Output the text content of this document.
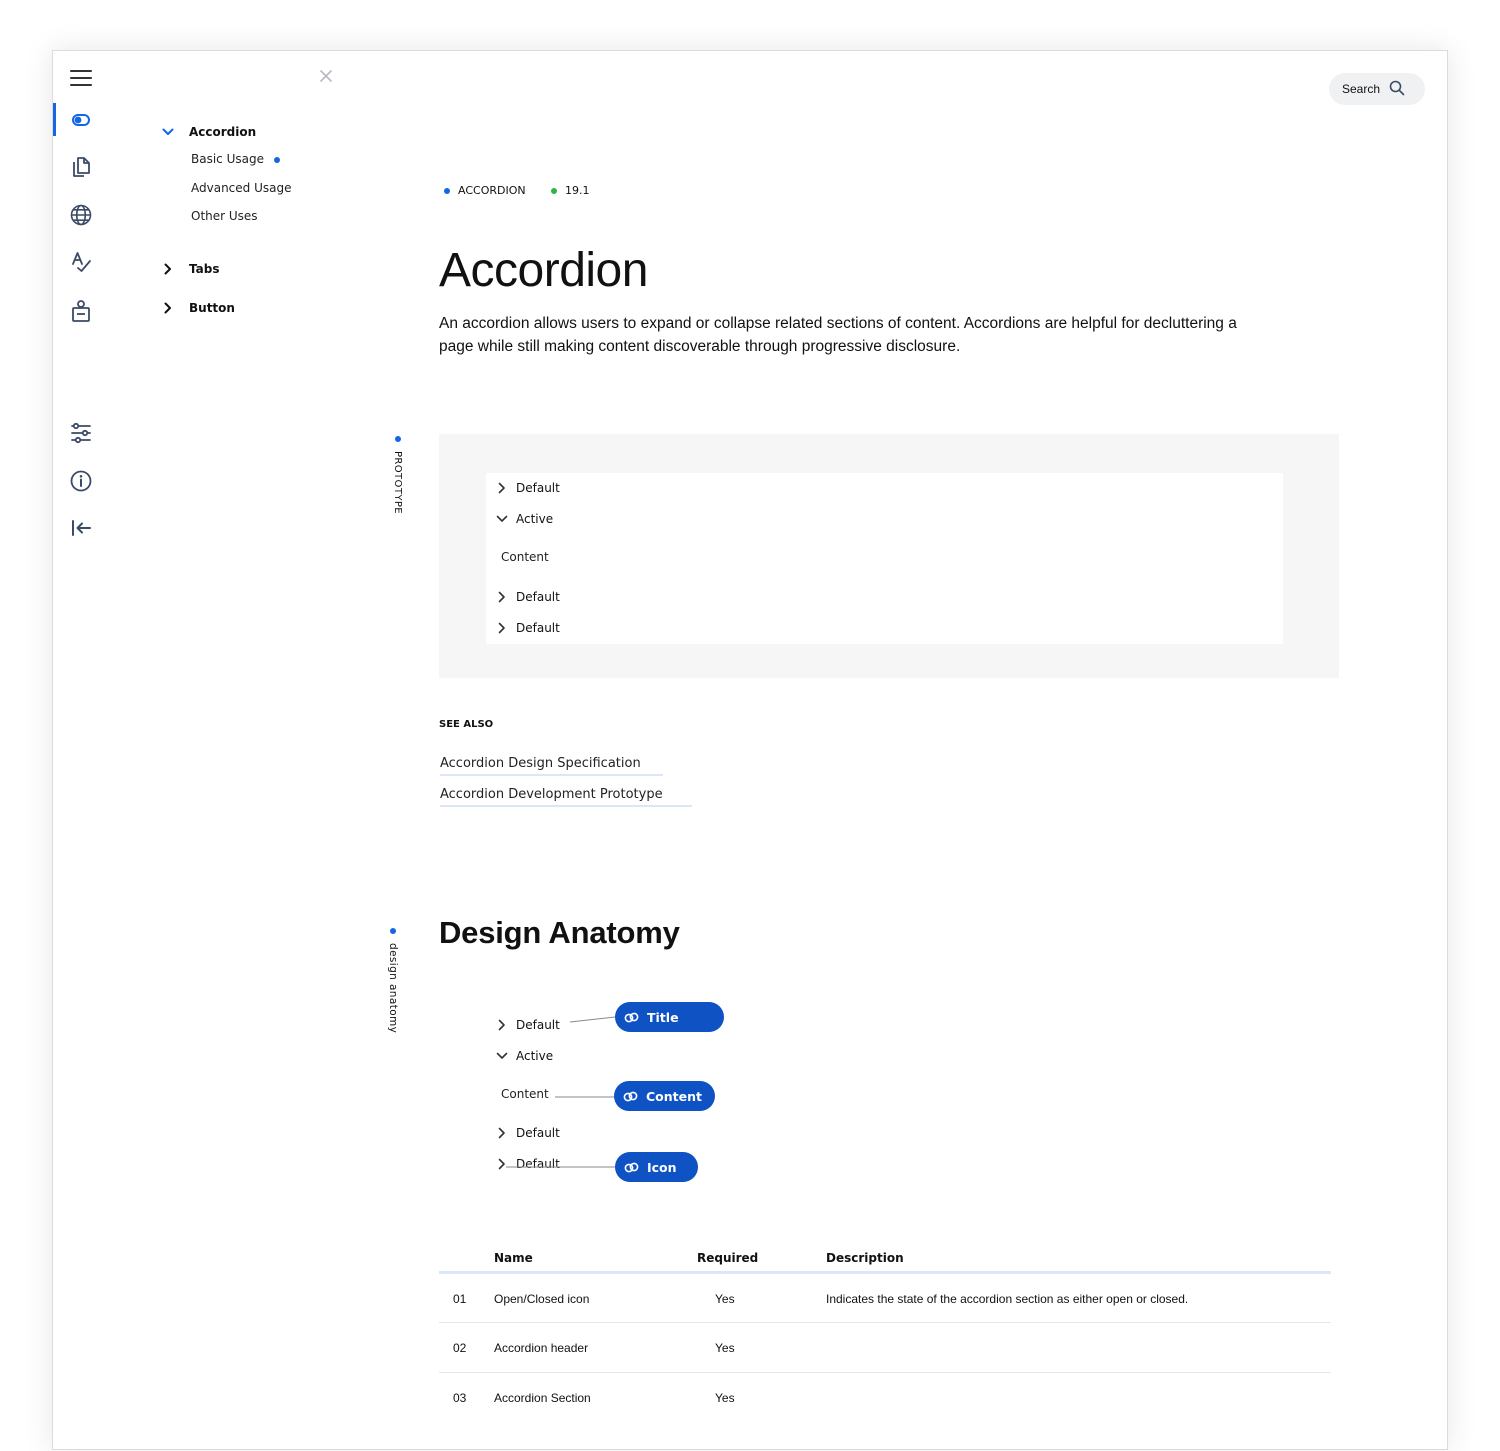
Accordion
Basic Usage
Advanced Usage
Other Uses
Tabs
Button
Search
ACCORDION	19.1
Accordion

An accordion allows users to expand or collapse related sections of content. Accordions are helpful for decluttering a page while still making content discoverable through progressive disclosure.

PROTOTYPE	Default
Active
Content
Default
Default
SEE ALSO
Accordion Design Specification
Accordion Development Prototype
design anatomy
Design Anatomy
Default
Active
Content
Default
Default
Title
Content
Icon
Name	Required	Description
01 Open/Closed icon	Yes	Indicates the state of the accordion section as either open or closed.
02 Accordion header	Yes
03 Accordion Section	Yes
